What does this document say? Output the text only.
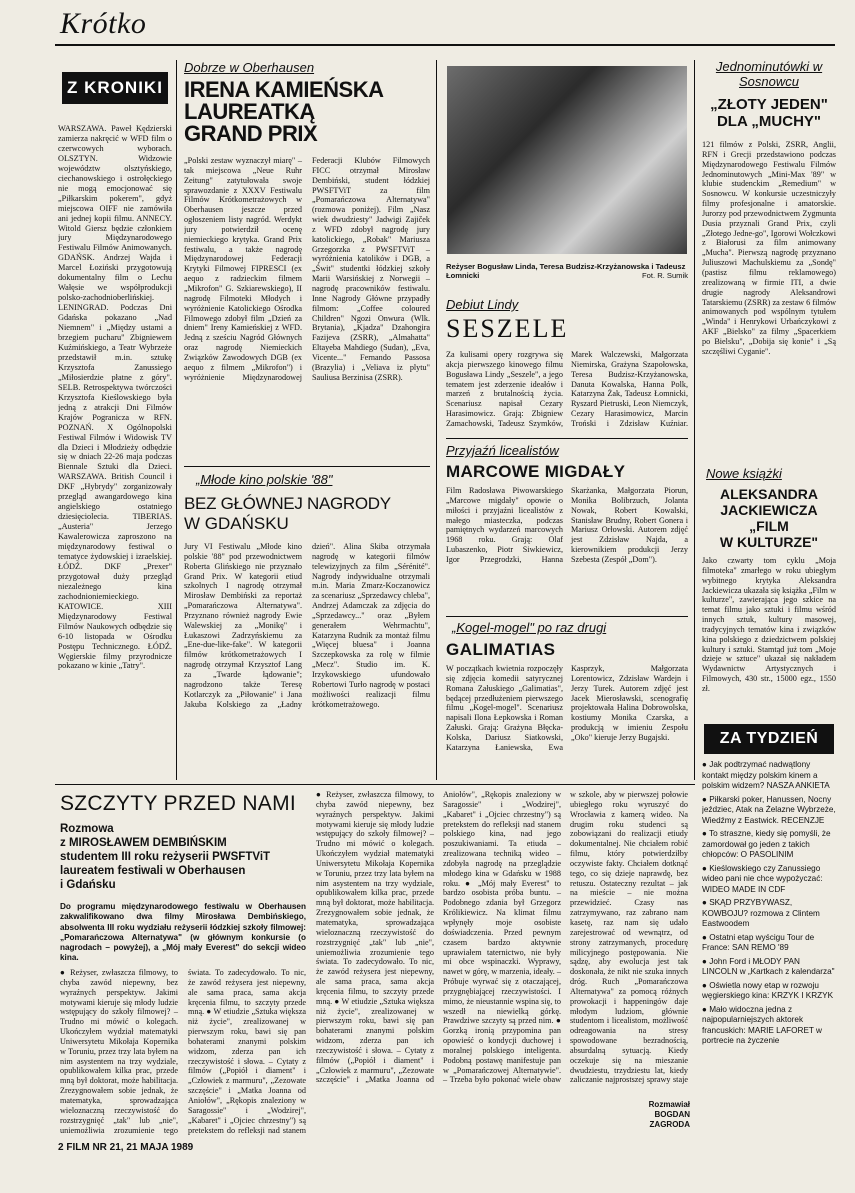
Krótko
Z KRONIKI
WARSZAWA. Paweł Kędzierski zamierza nakręcić w WFD film o czerwcowych wyborach. OLSZTYN. Widzowie województw olsztyńskiego, ciechanowskiego i ostrołęckiego nie mogą emocjonować się „Piłkarskim pokerem", gdyż miejscowa OIFF nie zamówiła ani jednej kopii filmu. ANNECY. Witold Giersz będzie członkiem jury Międzynarodowego Festiwalu Filmów Animowanych. GDAŃSK. Andrzej Wajda i Marcel Łoziński przygotowują dokumentalny film o Lechu Wałęsie we współprodukcji polsko-zachodnioberlińskiej. LENINGRAD. Podczas Dni Gdańska pokazano „Nad Niemnem" i „Między ustami a brzegiem pucharu" Zbigniewem Kuźmińskiego, a Teatr Wybrzeże przedstawił m.in. sztukę Krzysztofa Zanussiego „Miłosierdzie płatne z góry". SELB. Retrospektywa twórczości Krzysztofa Kieślowskiego była jedną z atrakcji Dni Filmów Krajów Pogranicza w RFN. POZNAŃ. X Ogólnopolski Festiwal Filmów i Widowisk TV dla Dzieci i Młodzieży odbędzie się w dniach 22-26 maja podczas Biennale Sztuki dla Dzieci. WARSZAWA. British Council i DKF „Hybrydy" zorganizowały przegląd awangardowego kina angielskiego ostatniego dziesięciolecia. TIBERIAS. „Austeria" Jerzego Kawalerowicza zaproszono na międzynarodowy festiwal o tematyce żydowskiej i izraelskiej. ŁÓDŹ. DKF „Prexer" przygotował duży przegląd niezależnego kina zachodnioniemieckiego. KATOWICE. XIII Międzynarodowy Festiwal Filmów Naukowych odbędzie się 6-10 listopada w Ośrodku Postępu Technicznego. ŁÓDŹ. Węgierskie filmy przyrodnicze pokazano w kinie „Tatry".
Dobrze w Oberhausen
IRENA KAMIEŃSKA
LAUREATKĄ
GRAND PRIX
„Polski zestaw wyznaczył miarę" – tak miejscowa „Neue Ruhr Zeitung" zatytułowała swoje sprawozdanie z XXXV Festiwalu Filmów Krótkometrażowych w Oberhausen jeszcze przed ogłoszeniem listy nagród. Werdykt jury potwierdził ocenę niemieckiego krytyka. Grand Prix festiwalu, a także nagrodę Międzynarodowej Federacji Krytyki Filmowej FIPRESCI (ex aequo z radzieckim filmem „Mikrofon" G. Szkiarewskiego), II nagrodę Filmoteki Młodych i wyróżnienie Katolickiego Ośrodka Filmowego zdobył film „Dzień za dniem" Ireny Kamieńskiej z WFD. Jedną z sześciu Nagród Głównych oraz nagrodę Niemieckich Związków Zawodowych DGB (ex aequo z filmem „Mikrofon") i wyróżnienie Międzynarodowej Federacji Klubów Filmowych FICC otrzymał Mirosław Dembiński, student łódzkiej PWSFTViT za film „Pomarańczowa Alternatywa" (rozmowa poniżej). Film „Nasz wiek dwudziesty" Jadwigi Zajiček z WFD zdobył nagrodę jury katolickiego, „Robak" Mariusza Grzegorzka z PWSFTViT – wyróżnienia katolików i DGB, a „Świt" studentki łódzkiej szkoły Marii Warsińskiej z Norwegii – nagrodę pracowników festiwalu. Inne Nagrody Główne przypadły filmom: „Coffee coloured Children" Ngozi Onwura (Wlk. Brytania), „Kjadza" Dzahongira Fazijeva (ZSRR), „Almahatta" Eltayeba Mahdiego (Sudan), „Eva, Vicente..." Fernando Passosa (Brazylia) i „Veliava iz plytu" Sauliusa Berzinisa (ZSRR).
Reżyser Bogusław Linda, Teresa Budzisz-Krzyżanowska i Tadeusz Łomnicki	Fot. R. Sumik
Debiut Lindy
SESZELE
Za kulisami opery rozgrywa się akcja pierwszego kinowego filmu Bogusława Lindy „Seszele", a jego tematem jest zderzenie ideałów i marzeń z brutalnością życia. Scenariusz napisał Cezary Harasimowicz. Grają: Zbigniew Zamachowski, Tadeusz Szymków, Marek Walczewski, Małgorzata Niemirska, Grażyna Szapołowska, Teresa Budzisz-Krzyżanowska, Danuta Kowalska, Hanna Polk, Katarzyna Żak, Tadeusz Łomnicki, Ryszard Pietruski, Leon Niemczyk, Cezary Harasimowicz, Marcin Troński i Zdzisław Kuźniar.
Jednominutówki w Sosnowcu
„ZŁOTY JEDEN"
DLA „MUCHY"
121 filmów z Polski, ZSRR, Anglii, RFN i Grecji przedstawiono podczas Międzynarodowego Festiwalu Filmów Jednominutowych „Mini-Max '89" w klubie studenckim „Remedium" w Sosnowcu. W konkursie uczestniczyły filmy profesjonalne i amatorskie. Jurorzy pod przewodnictwem Zygmunta Dusia przyznali Grand Prix, czyli „Złotego Jedne-go", Igorowi Wołczkowi z Białorusi za film animowany „Mucha". Pierwszą nagrodę przyznano Juliuszowi Machulskiemu za „Sondę" (pastisz filmu reklamowego) zrealizowaną w firmie ITI, a dwie drugie nagrody Aleksandrowi Tatarskiemu (ZSRR) za zestaw 6 filmów animowanych pod wspólnym tytułem „Winda" i Henrykowi Urbańczykowi z AKF „Bielsko" za filmy „Spacerkiem po Bielsku", „Dobija się konie" i „Są szczęśliwi Cyganie".
„Młode kino polskie '88"
BEZ GŁÓWNEJ NAGRODY
W GDAŃSKU
Jury VI Festiwalu „Młode kino polskie '88" pod przewodnictwem Roberta Glińskiego nie przyznało Grand Prix. W kategorii etiud szkolnych I nagrodę otrzymał Mirosław Dembiński za reportaż „Pomarańczowa Alternatywa". Przyznano również nagrody Ewie Walewskiej za „Monikę" i Łukaszowi Zadrzyńskiemu za „Ene-due-like-fake". W kategorii filmów krótkometrażowych I nagrodę otrzymał Krzysztof Lang za „Twarde łądowanie"; nagrodzono także Teresę Kotlarczyk za „Piłowanie" i Jana Jakuba Kolskiego za „Ładny dzień". Alina Skiba otrzymała nagrodę w kategorii filmów telewizyjnych za film „Sérénité". Nagrody indywidualne otrzymali m.in. Maria Zmarz-Koczanowicz za scenariusz „Sprzedawcy chleba", Andrzej Adamczak za zdjęcia do „Sprzedawcy..." oraz „Byłem generałem Wehrmachtu", Katarzyna Rudnik za montaż filmu „Więcej bluesa" i Joanna Szczepkowska za rolę w filmie „Mecz". Studio im. K. Irzykowskiego ufundowało Robertowi Turło nagrodę w postaci możliwości realizacji filmu krótkometrażowego.
Przyjaźń licealistów
MARCOWE MIGDAŁY
Film Radosława Piwowarskiego „Marcowe migdały" opowie o miłości i przyjaźni licealistów z małego miasteczka, podczas pamiętnych wydarzeń marcowych 1968 roku. Grają: Olaf Lubaszenko, Piotr Siwkiewicz, Igor Przegrodzki, Hanna Skarżanka, Małgorzata Piorun, Monika Bolibrzuch, Jolanta Nowak, Robert Kowalski, Stanisław Brudny, Robert Gonera i Mariusz Orłowski. Autorem zdjęć jest Zdzisław Najda, a kierownikiem produkcji Jerzy Szebesta (Zespół „Dom").
„Kogel-mogel" po raz drugi
GALIMATIAS
W początkach kwietnia rozpoczęły się zdjęcia komedii satyrycznej Romana Załuskiego „Galimatias", będącej przedłużeniem pierwszego filmu „Kogel-mogel". Scenariusz napisali Ilona Łepkowska i Roman Załuski. Grają: Grażyna Błęcka-Kolska, Dariusz Siatkowski, Katarzyna Łaniewska, Ewa Kasprzyk, Małgorzata Lorentowicz, Zdzisław Wardejn i Jerzy Turek. Autorem zdjęć jest Jacek Mierosławski, scenografię projektowała Halina Dobrowolska, kostiumy Monika Czarska, a produkcją w imieniu Zespołu „Oko" kieruje Jerzy Bugajski.
Nowe książki
ALEKSANDRA
JACKIEWICZA
„FILM
W KULTURZE"
Jako czwarty tom cyklu „Moja filmoteka" zmarłego w roku ubiegłym wybitnego krytyka Aleksandra Jackiewicza ukazała się książka „Film w kulturze", zawierająca jego szkice na temat filmu jako sztuki i filmu wśród innych sztuk, kultury masowej, tradycyjnych tematów kina i związków kina polskiego z dziedzictwem polskiej kultury i sztuki. Stamtąd już tom „Moje dzieje w sztuce" ukazał się nakładem Wydawnictw Artystycznych i Filmowych, 430 str., 15000 egz., 1550 zł.
ZA TYDZIEŃ
● Jak podtrzymać nadwątlony kontakt między polskim kinem a polskim widzem? NASZA ANKIETA
● Piłkarski poker, Hanussen, Nocny jeździec, Atak na Żelazne Wybrzeże, Wiedźmy z Eastwick. RECENZJE
● To straszne, kiedy się pomyśli, że zamordował go jeden z takich chłopców: O PASOLINIM
● Kieślowskiego czy Zanussiego wideo pani nie chce wypożyczać: WIDEO MADE IN CDF
● SKĄD PRZYBYWASZ, KOWBOJU? rozmowa z Clintem Eastwoodem
● Ostatni etap wyścigu Tour de France: SAN REMO '89
● John Ford i MŁODY PAN LINCOLN w „Kartkach z kalendarza"
● Oświetla nowy etap w rozwoju węgierskiego kina: KRZYK I KRZYK
● Mało widoczna jedna z najpopularniejszych aktorek francuskich: MARIE LAFORET w portrecie na życzenie
SZCZYTY PRZED NAMI
Rozmowa
z MIROSŁAWEM DEMBIŃSKIM
studentem III roku reżyserii PWSFTViT
laureatem festiwali w Oberhausen
i Gdańsku
Do programu międzynarodowego festiwalu w Oberhausen zakwalifikowano dwa filmy Mirosława Dembińskiego, absolwenta III roku wydziału reżyserii łódzkiej szkoły filmowej: „Pomarańczowa Alternatywa" (w głównym konkursie (o nagrodach – powyżej), a „Mój mały Everest" do sekcji wideo kina.
● Reżyser, zwłaszcza filmowy, to chyba zawód niepewny, bez wyraźnych perspektyw. Jakimi motywami kieruje się młody ludzie wstępujący do szkoły filmowej? – Trudno mi mówić o kolegach. Ukończyłem wydział matematyki Uniwersytetu Mikołaja Kopernika w Toruniu, przez trzy lata byłem na nim asystentem na trzy wydziale, opublikowałem kilka prac, przede mną był doktorat, może habilitacja. Zrezygnowałem sobie jednak, że matematyka, sprowadzająca wieloznaczną rzeczywistość do rozstrzygnięć „tak" lub „nie", uniemożliwia zrozumienie tego świata. To zadecydowało. To nic, że zawód reżysera jest niepewny, ale sama praca, sama akcja kręcenia filmu, to szczyty przede mną. ● W etiudzie „Sztuka większa niż życie", zrealizowanej w pierwszym roku, bawi się pan bohaterami znanymi polskim widzom, zderza pan ich rzeczywistość i słowa. – Cytaty z filmów („Popiół i diament" i „Człowiek z marmuru", „Zezowate szczęście" i „Matka Joanna od Aniołów", „Rękopis znaleziony w Saragossie" i „Wodzirej", „Kabaret" i „Ojciec chrzestny") są pretekstem do refleksji nad stanem
● Reżyser, zwłaszcza filmowy, to chyba zawód niepewny, bez wyraźnych perspektyw. Jakimi motywami kieruje się młody ludzie wstępujący do szkoły filmowej? – Trudno mi mówić o kolegach. Ukończyłem wydział matematyki Uniwersytetu Mikołaja Kopernika w Toruniu, przez trzy lata byłem na nim asystentem na trzy wydziale, opublikowałem kilka prac, przede mną był doktorat, może habilitacja. Zrezygnowałem sobie jednak, że matematyka, sprowadzająca wieloznaczną rzeczywistość do rozstrzygnięć „tak" lub „nie", uniemożliwia zrozumienie tego świata. To zadecydowało. To nic, że zawód reżysera jest niepewny, ale sama praca, sama akcja kręcenia filmu, to szczyty przede mną. ● W etiudzie „Sztuka większa niż życie", zrealizowanej w pierwszym roku, bawi się pan bohaterami znanymi polskim widzom, zderza pan ich rzeczywistość i słowa. – Cytaty z filmów („Popiół i diament" i „Człowiek z marmuru", „Zezowate szczęście" i „Matka Joanna od Aniołów", „Rękopis znaleziony w Saragossie" i „Wodzirej", „Kabaret" i „Ojciec chrzestny") są pretekstem do refleksji nad stanem polskiego kina, nad jego poszukiwaniami. Ta etiuda – zrealizowana techniką wideo – zdobyła nagrodę na przeglądzie młodego kina w Gdańsku w 1988 roku. ● „Mój mały Everest" to bardzo osobista próba buntu. – Podobnego zdania był Grzegorz Królikiewicz. Na klimat filmu wpłynęły moje osobiste doświadczenia. Przed pewnym czasem bardzo aktywnie uprawiałem taternictwo, nie były mi obce wspinaczki. Wyprawy, nawet w górę, w marzenia, ideały. – Próbuje wyrwać się z otaczającej, przygnębiającej rzeczywistości. I mimo, że nieustannie wspina się, to wszedł na niewielką górkę. Prawdziwe szczyty są przed nim. ● Gorzką ironią przypomina pan opowieść o kondycji duchowej i moralnej polskiego inteligenta. Podobną postawę manifestuje pan w „Pomarańczowej Alternatywie". – Trzeba było pokonać wiele obaw w szkole, aby w pierwszej połowie ubiegłego roku wyruszyć do Wrocławia z kamerą wideo. Na drugim roku studenci są zobowiązani do realizacji etiudy dokumentalnej. Nie chciałem robić filmu, który potwierdziłby oczywiste fakty. Chciałem dotknąć tego, co się dzieje naprawdę, bez retuszu. Ostateczny rezultat – jak na mieście – nie można przewidzieć. Czasy nas zatrzymywano, raz zabrano nam kasetę, raz nam się udało zarejestrować od wewnątrz, od strony zatrzymanych, procedurę milicyjnego postępowania. Nie sądzę, aby ewolucja jest tak doskonała, że nikt nie szuka innych dróg. Ruch „Pomarańczowa Alternatywa" za pomocą różnych prowokacji i happeningów daje młodym ludziom, głównie studentom i licealistom, możliwość odreagowania na stresy spowodowane bezradnością, absurdalną sytuacją. Kiedy oczekuje się na mieszanie dwudziestu, trzydziestu lat, kiedy zaliczanie najprostszej sprawy staje
Rozmawiał
BOGDAN
ZAGRODA
2 FILM NR 21, 21 MAJA 1989
